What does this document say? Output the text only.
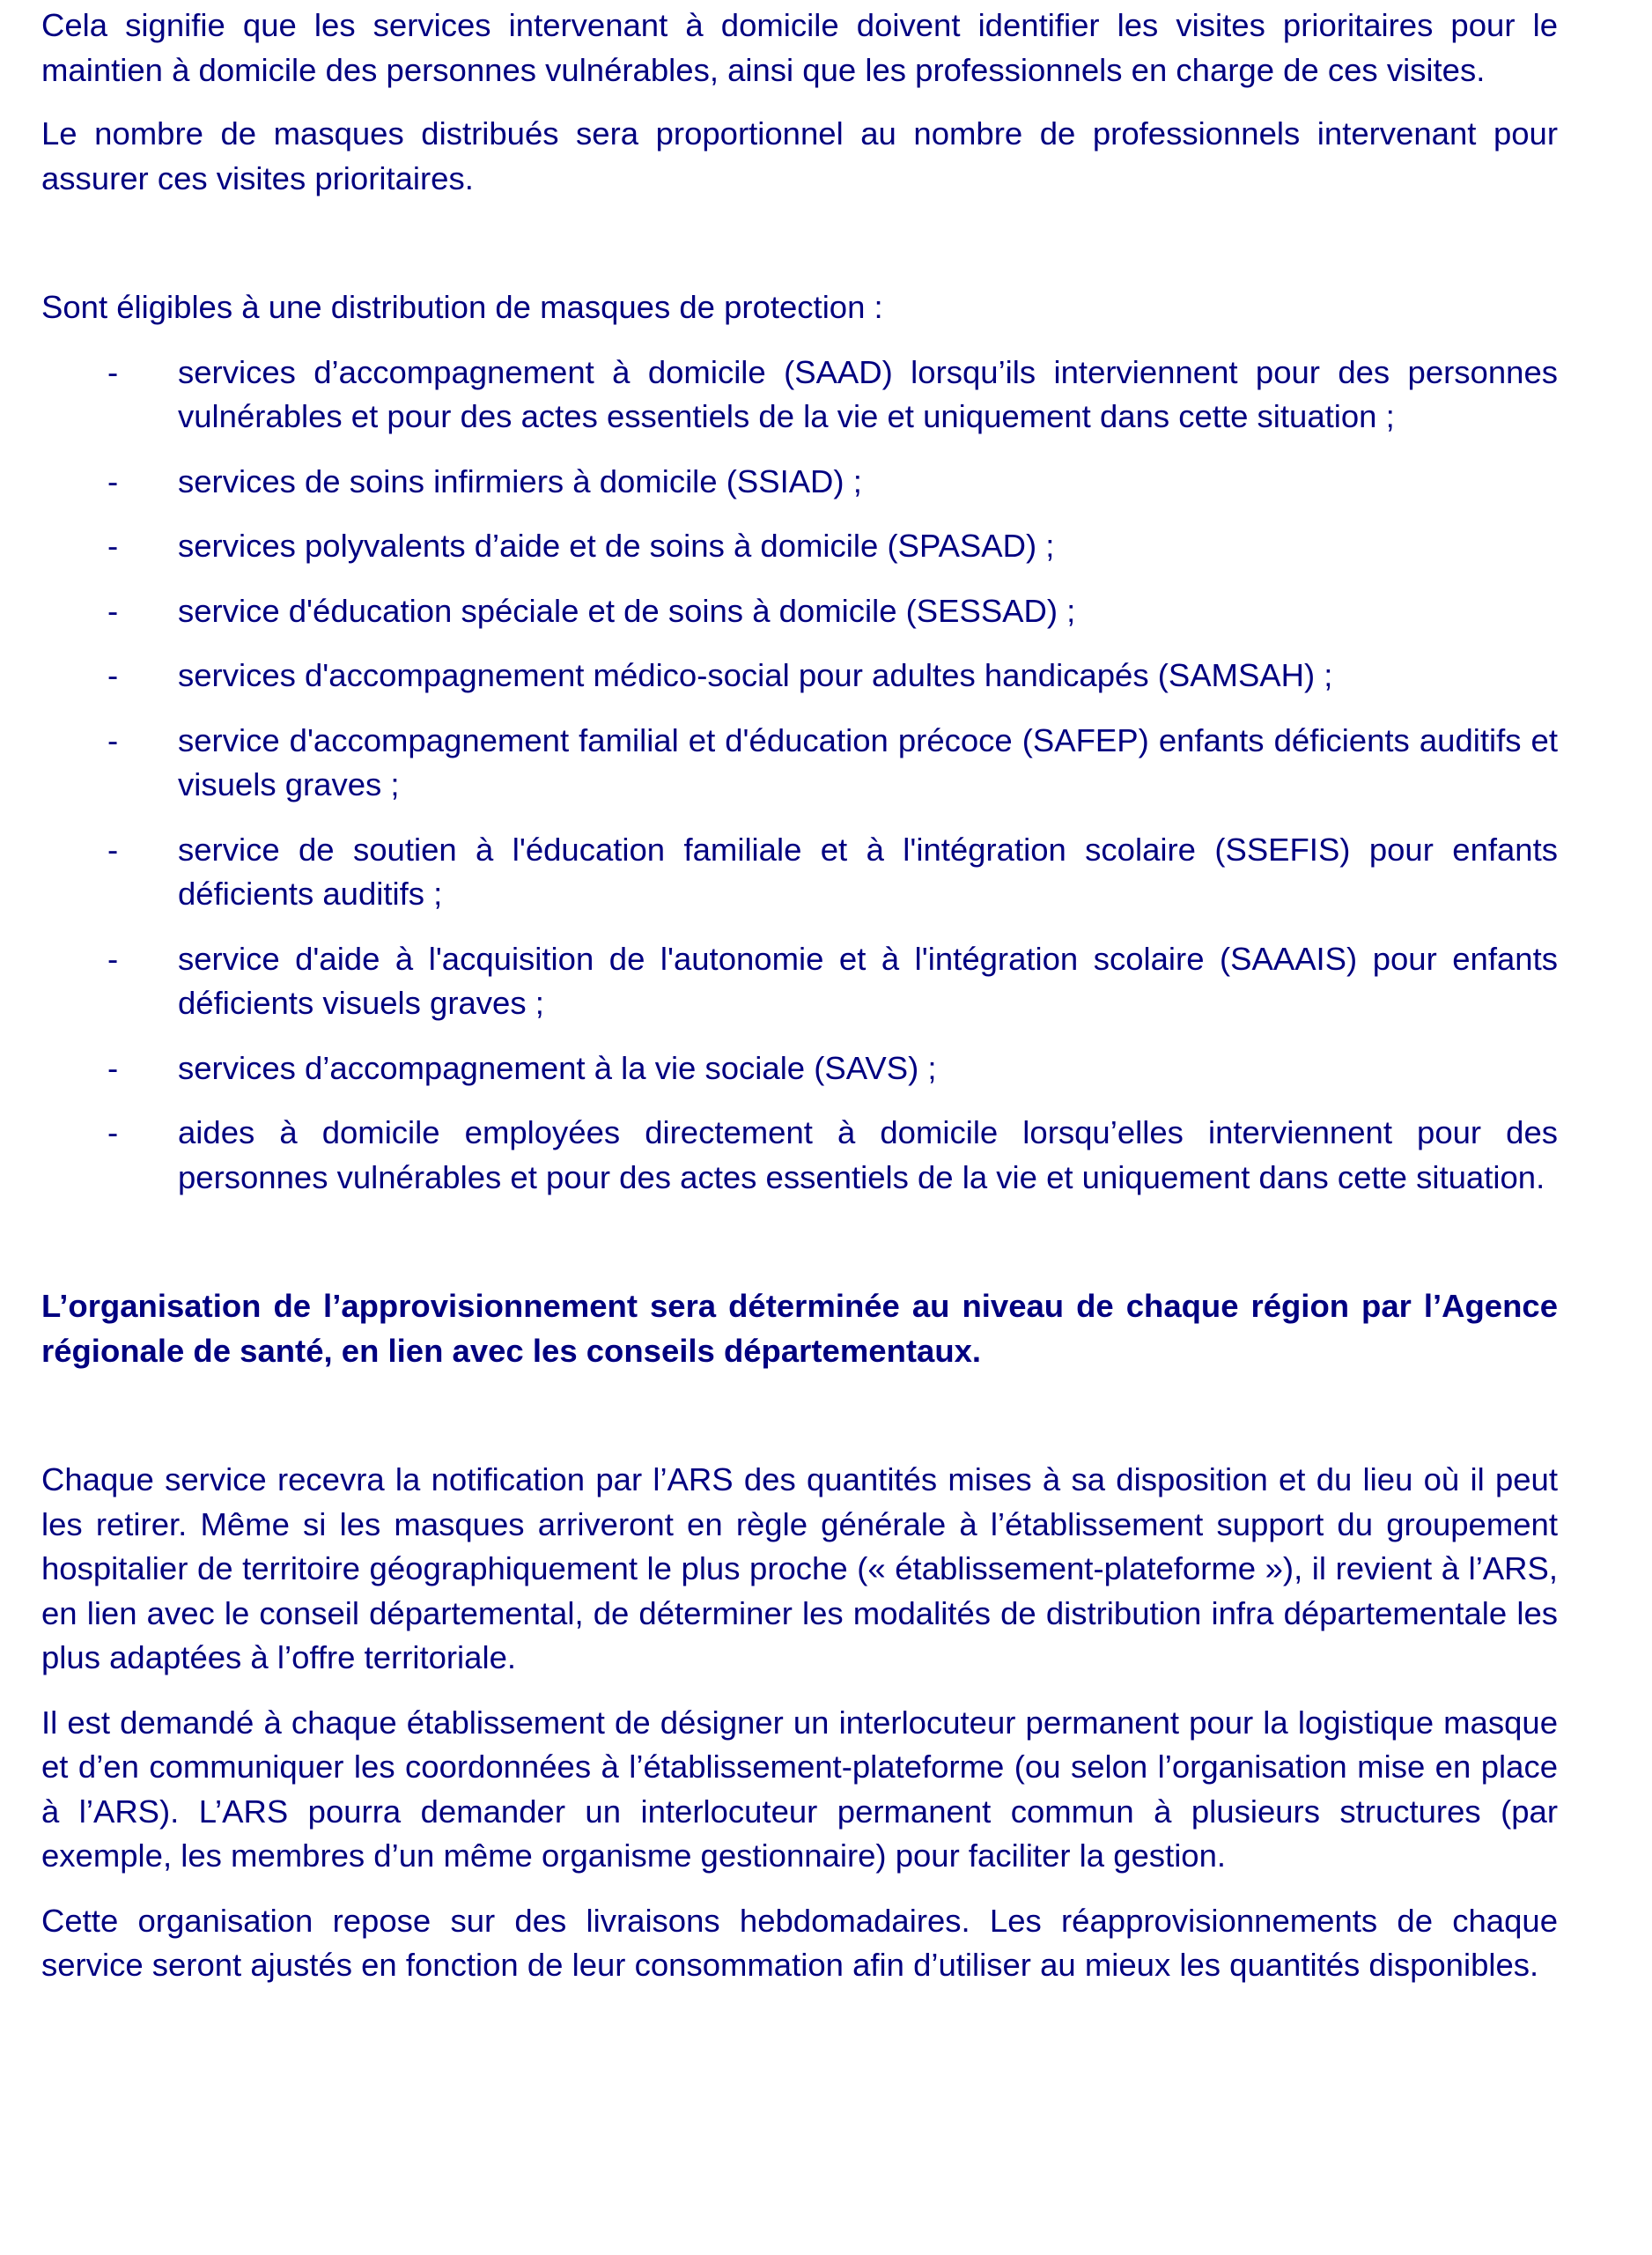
Cela signifie que les services intervenant à domicile doivent identifier les visites prioritaires pour le maintien à domicile des personnes vulnérables, ainsi que les professionnels en charge de ces visites.

Le nombre de masques distribués sera proportionnel au nombre de professionnels intervenant pour assurer ces visites prioritaires.

Sont éligibles à une distribution de masques de protection :

- services d’accompagnement à domicile (SAAD) lorsqu’ils interviennent pour des personnes vulnérables et pour des actes essentiels de la vie et uniquement dans cette situation ;
- services de soins infirmiers à domicile (SSIAD) ;
- services polyvalents d’aide et de soins à domicile (SPASAD) ;
- service d'éducation spéciale et de soins à domicile (SESSAD) ;
- services d'accompagnement médico-social pour adultes handicapés (SAMSAH) ;
- service d'accompagnement familial et d'éducation précoce (SAFEP) enfants déficients auditifs et visuels graves ;
- service de soutien à l'éducation familiale et à l'intégration scolaire (SSEFIS) pour enfants déficients auditifs ;
- service d'aide à l'acquisition de l'autonomie et à l'intégration scolaire (SAAAIS) pour enfants déficients visuels graves ;
- services d’accompagnement à la vie sociale (SAVS) ;
- aides à domicile employées directement à domicile lorsqu’elles interviennent pour des personnes vulnérables et pour des actes essentiels de la vie et uniquement dans cette situation.

L’organisation de l’approvisionnement sera déterminée au niveau de chaque région par l’Agence régionale de santé, en lien avec les conseils départementaux.

Chaque service recevra la notification par l’ARS des quantités mises à sa disposition et du lieu où il peut les retirer. Même si les masques arriveront en règle générale à l’établissement support du groupement hospitalier de territoire géographiquement le plus proche (« établissement-plateforme »), il revient à l’ARS, en lien avec le conseil départemental, de déterminer les modalités de distribution infra départementale les plus adaptées à l’offre territoriale.

Il est demandé à chaque établissement de désigner un interlocuteur permanent pour la logistique masque et d’en communiquer les coordonnées à l’établissement-plateforme (ou selon l’organisation mise en place à l’ARS). L’ARS pourra demander un interlocuteur permanent commun à plusieurs structures (par exemple, les membres d’un même organisme gestionnaire) pour faciliter la gestion.

Cette organisation repose sur des livraisons hebdomadaires. Les réapprovisionnements de chaque service seront ajustés en fonction de leur consommation afin d’utiliser au mieux les quantités disponibles.
